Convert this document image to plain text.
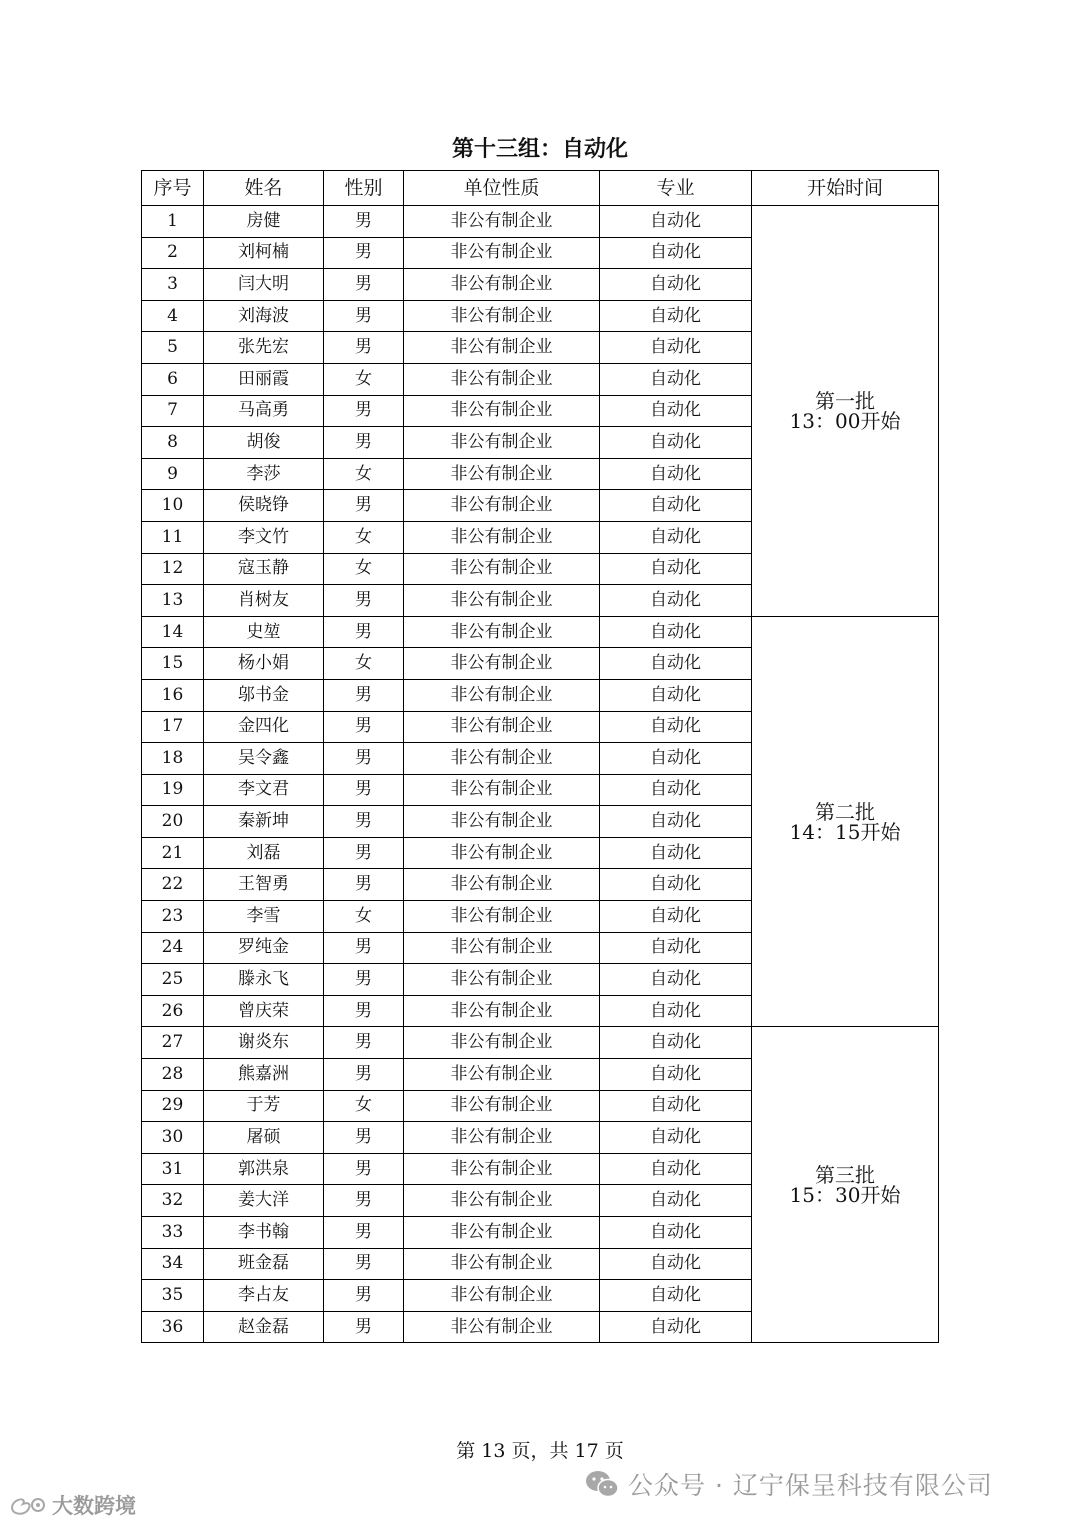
第十三组：自动化
序号	姓名	性别	单位性质	专业	开始时间
1	房健	男	非公有制企业	自动化	第一批
13：00开始

2	刘柯楠	男	非公有制企业	自动化	
3	闫大明	男	非公有制企业	自动化	
4	刘海波	男	非公有制企业	自动化	
5	张先宏	男	非公有制企业	自动化	
6	田丽霞	女	非公有制企业	自动化	
7	马高勇	男	非公有制企业	自动化	
8	胡俊	男	非公有制企业	自动化	
9	李莎	女	非公有制企业	自动化	
10	侯晓铮	男	非公有制企业	自动化	
11	李文竹	女	非公有制企业	自动化	
12	寇玉静	女	非公有制企业	自动化	
13	肖树友	男	非公有制企业	自动化	
14	史堃	男	非公有制企业	自动化	第二批
14：15开始

15	杨小娟	女	非公有制企业	自动化	
16	邬书金	男	非公有制企业	自动化	
17	金四化	男	非公有制企业	自动化	
18	吴令鑫	男	非公有制企业	自动化	
19	李文君	男	非公有制企业	自动化	
20	秦新坤	男	非公有制企业	自动化	
21	刘磊	男	非公有制企业	自动化	
22	王智勇	男	非公有制企业	自动化	
23	李雪	女	非公有制企业	自动化	
24	罗纯金	男	非公有制企业	自动化	
25	滕永飞	男	非公有制企业	自动化	
26	曾庆荣	男	非公有制企业	自动化	
27	谢炎东	男	非公有制企业	自动化	第三批
15：30开始

28	熊嘉洲	男	非公有制企业	自动化	
29	于芳	女	非公有制企业	自动化	
30	屠硕	男	非公有制企业	自动化	
31	郭洪泉	男	非公有制企业	自动化	
32	姜大洋	男	非公有制企业	自动化	
33	李书翰	男	非公有制企业	自动化	
34	班金磊	男	非公有制企业	自动化	
35	李占友	男	非公有制企业	自动化	
36	赵金磊	男	非公有制企业	自动化	
第 13 页，共 17 页
公众号 · 辽宁保呈科技有限公司
大数跨境
